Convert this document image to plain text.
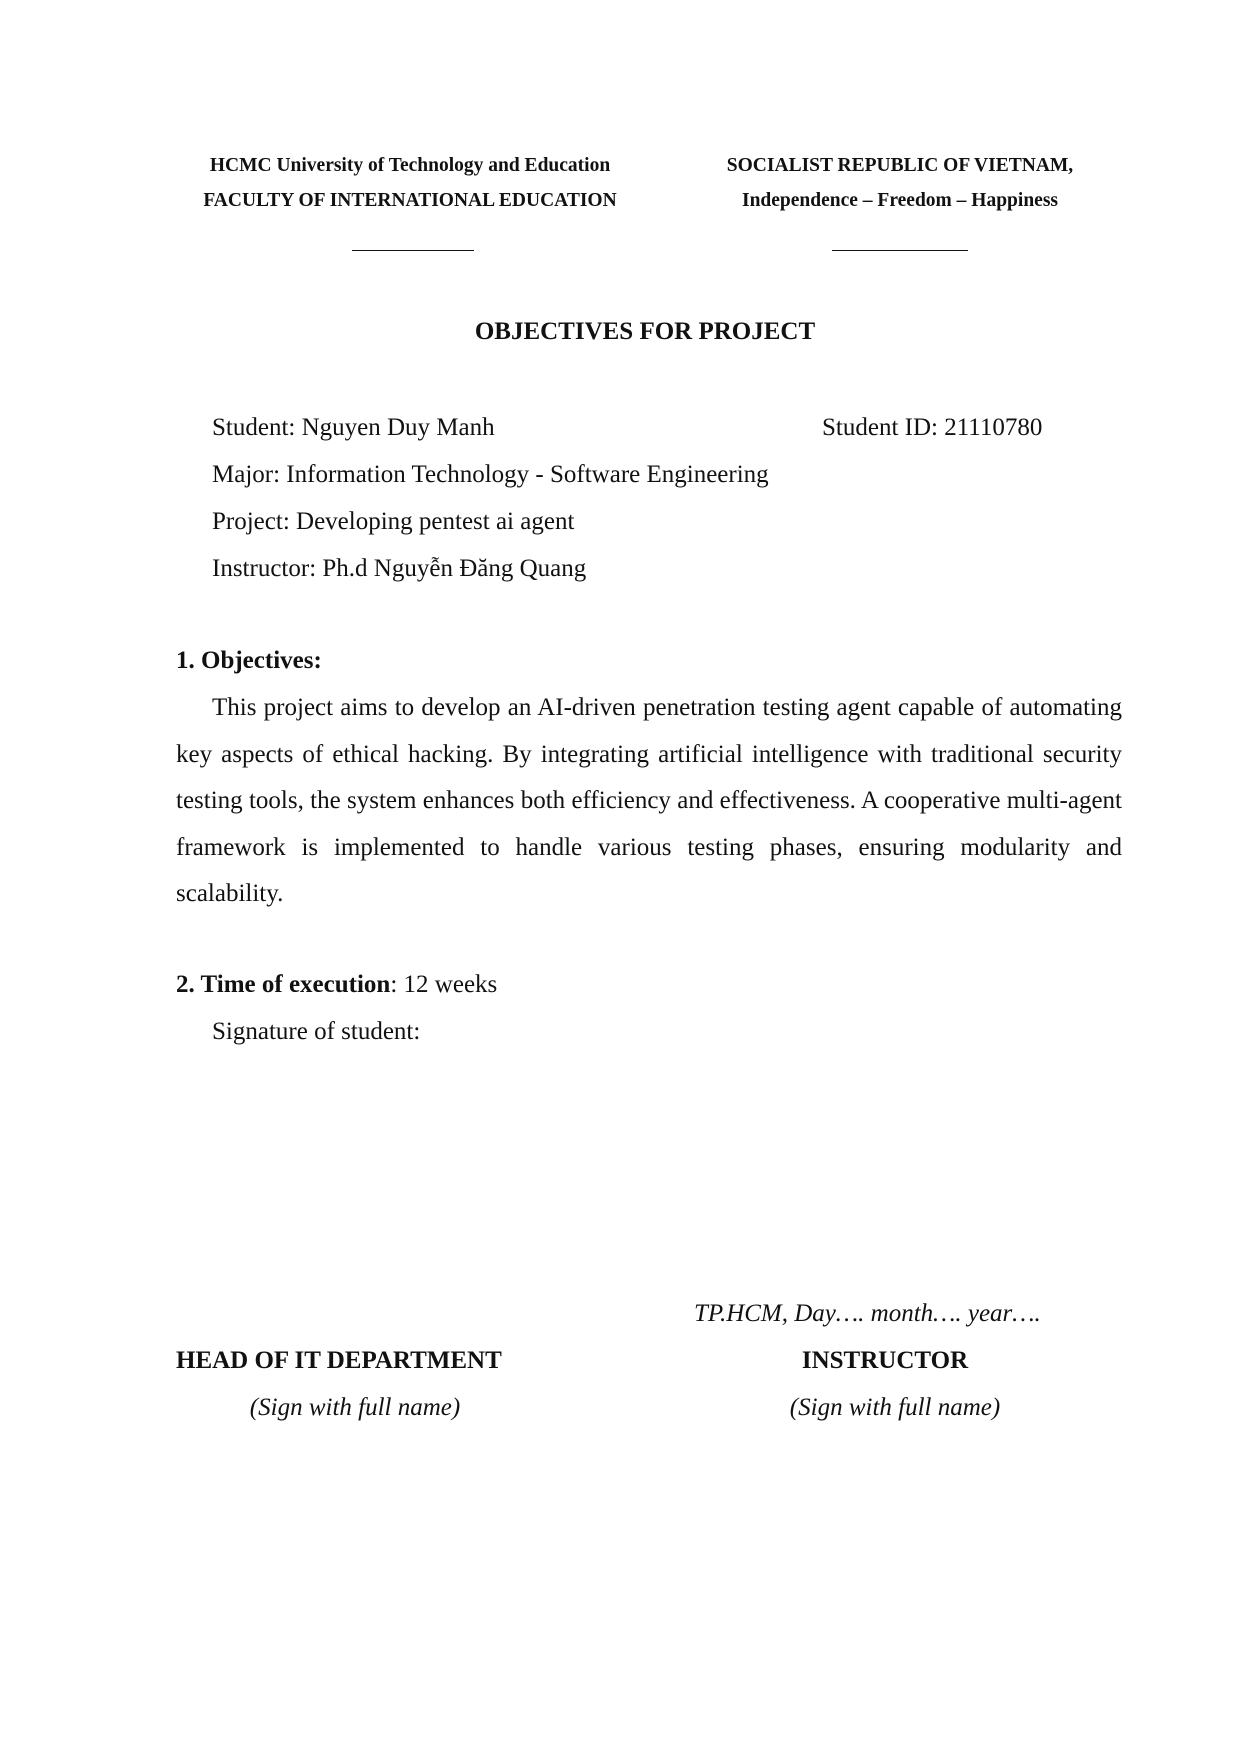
HCMC University of Technology and Education
FACULTY OF INTERNATIONAL EDUCATION
SOCIALIST REPUBLIC OF VIETNAM,
Independence – Freedom – Happiness
OBJECTIVES FOR PROJECT
Student: Nguyen Duy Manh	Student ID: 21110780
Major: Information Technology - Software Engineering
Project: Developing pentest ai agent
Instructor: Ph.d Nguyễn Đăng Quang
1. Objectives:

This project aims to develop an AI-driven penetration testing agent capable of automating key aspects of ethical hacking. By integrating artificial intelligence with traditional security testing tools, the system enhances both efficiency and effectiveness. A cooperative multi-agent framework is implemented to handle various testing phases, ensuring modularity and scalability.

2. Time of execution: 12 weeks
Signature of student:
TP.HCM, Day…. month…. year….
HEAD OF IT DEPARTMENT	INSTRUCTOR
(Sign with full name)	(Sign with full name)
